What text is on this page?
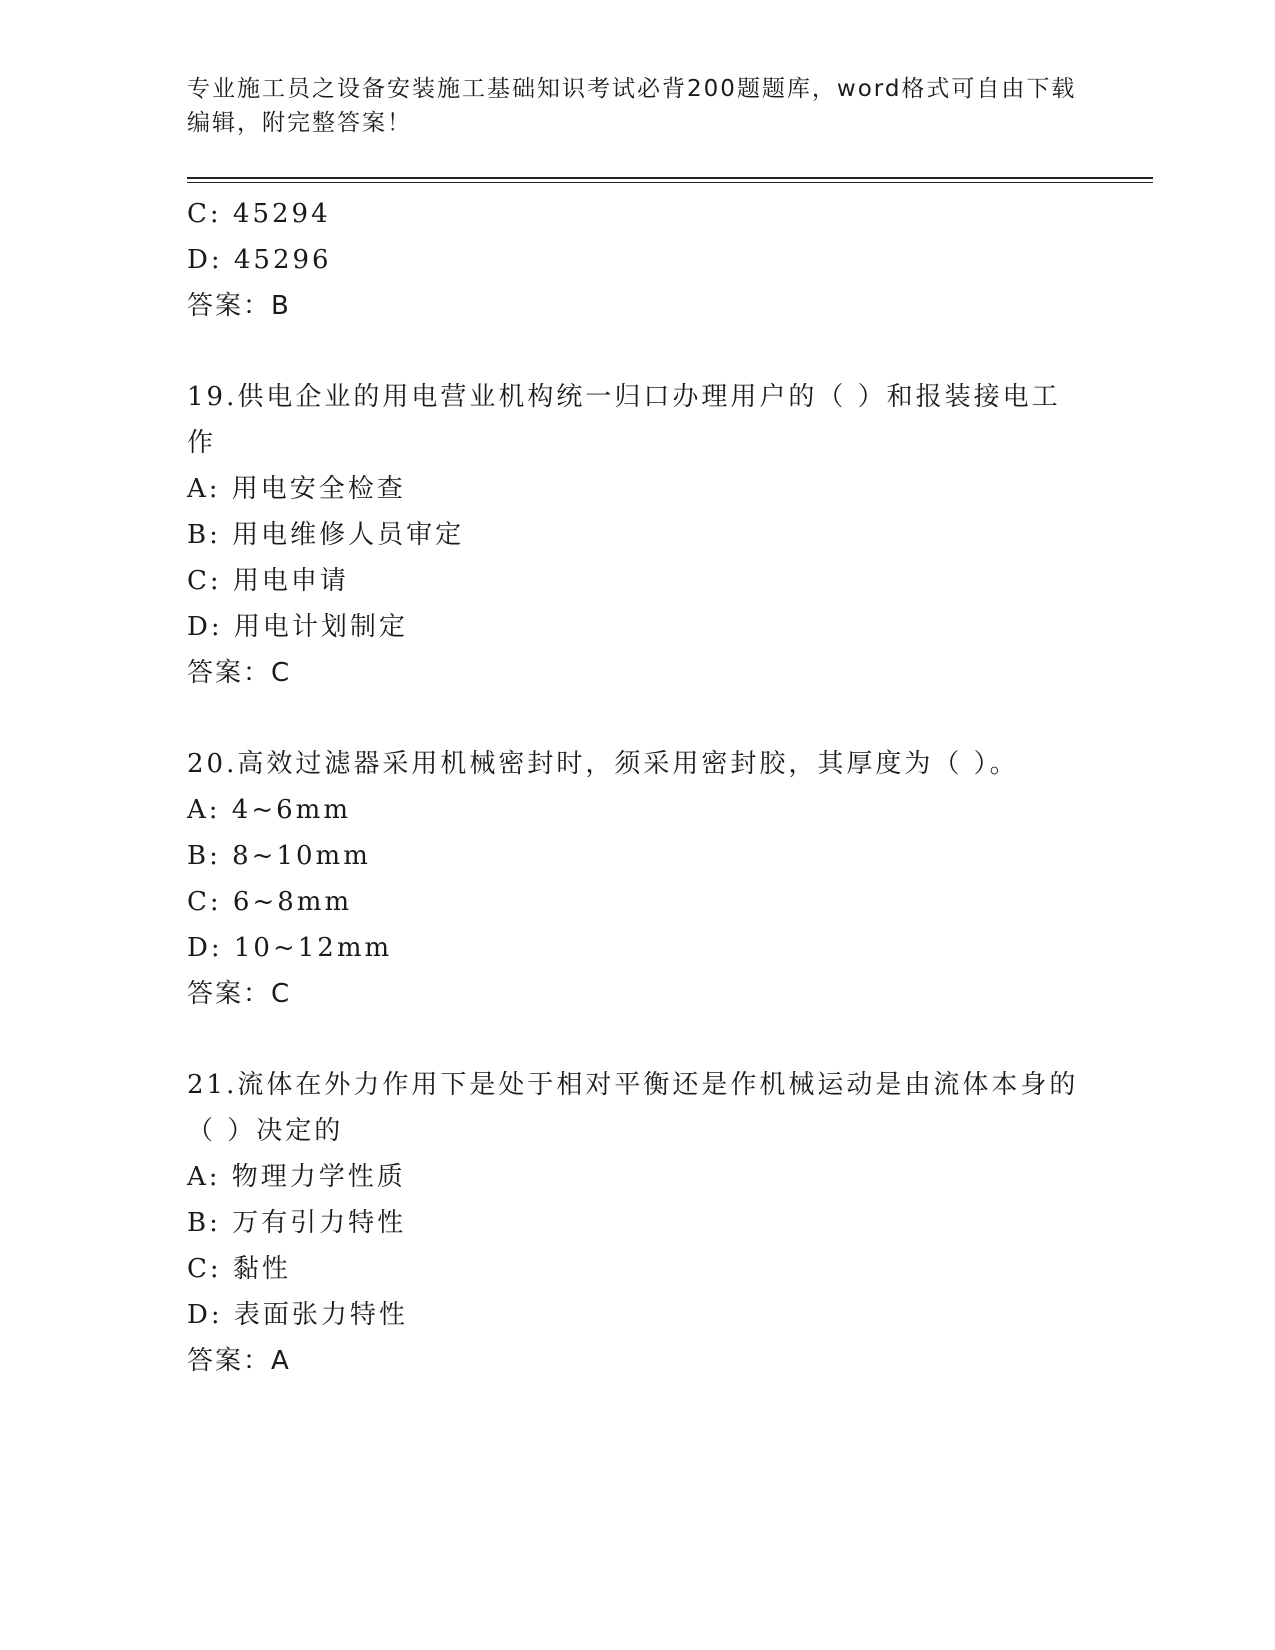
专业施工员之设备安装施工基础知识考试必背200题题库，word格式可自由下载
编辑，附完整答案！
C: 45294
D: 45296
答案：B
19.供电企业的用电营业机构统一归口办理用户的（ ）和报装接电工
作
A: 用电安全检查
B: 用电维修人员审定
C: 用电申请
D: 用电计划制定
答案：C
20.高效过滤器采用机械密封时，须采用密封胶，其厚度为（ ）。
A: 4~6mm
B: 8~10mm
C: 6~8mm
D: 10~12mm
答案：C
21.流体在外力作用下是处于相对平衡还是作机械运动是由流体本身的
（ ）决定的
A: 物理力学性质
B: 万有引力特性
C: 黏性
D: 表面张力特性
答案：A
